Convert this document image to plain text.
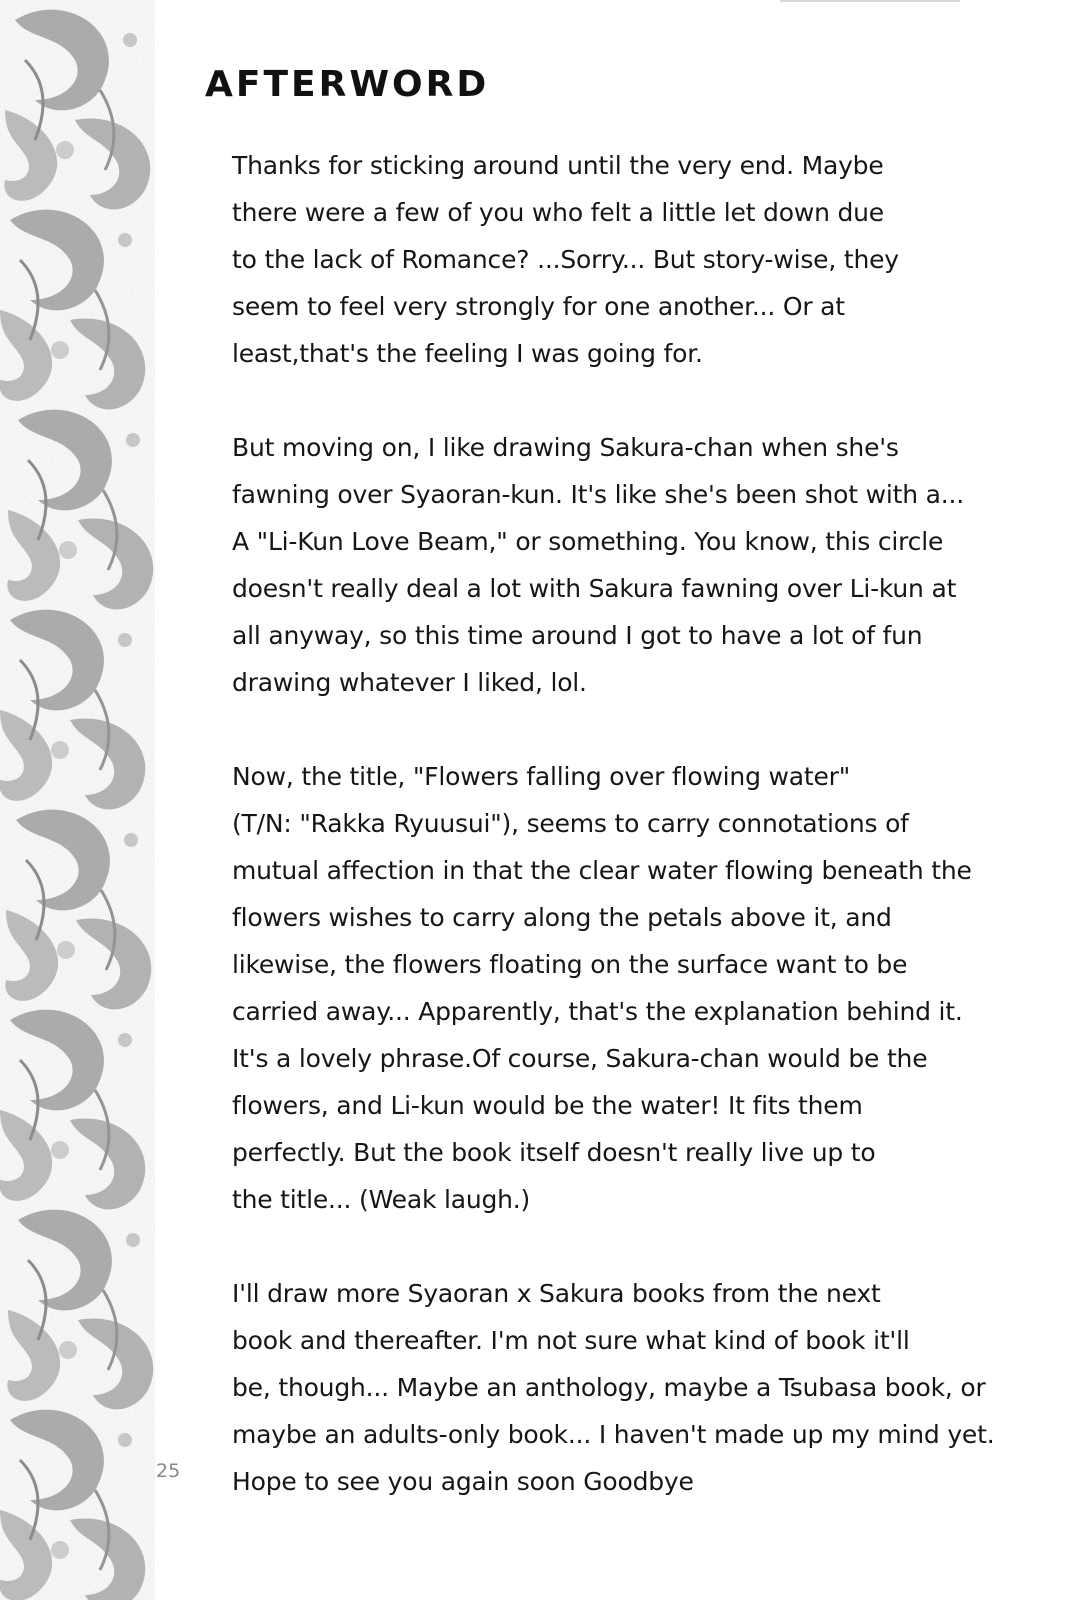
AFTERWORD
Thanks for sticking around until the very end. Maybe
there were a few of you who felt a little let down due
to the lack of Romance? ...Sorry... But story-wise, they
seem to feel very strongly for one another... Or at
least,that's the feeling I was going for.
But moving on, I like drawing Sakura-chan when she's
fawning over Syaoran-kun. It's like she's been shot with a...
A "Li-Kun Love Beam," or something. You know, this circle
doesn't really deal a lot with Sakura fawning over Li-kun at
all anyway, so this time around I got to have a lot of fun
drawing whatever I liked, lol.
Now, the title, "Flowers falling over flowing water"
(T/N: "Rakka Ryuusui"), seems to carry connotations of
mutual affection in that the clear water flowing beneath the
flowers wishes to carry along the petals above it, and
likewise, the flowers floating on the surface want to be
carried away... Apparently, that's the explanation behind it.
It's a lovely phrase.Of course, Sakura-chan would be the
flowers, and Li-kun would be the water! It fits them
perfectly. But the book itself doesn't really live up to
the title... (Weak laugh.)
I'll draw more Syaoran x Sakura books from the next
book and thereafter. I'm not sure what kind of book it'll
be, though... Maybe an anthology, maybe a Tsubasa book, or
maybe an adults-only book... I haven't made up my mind yet.
Hope to see you again soon Goodbye
25
